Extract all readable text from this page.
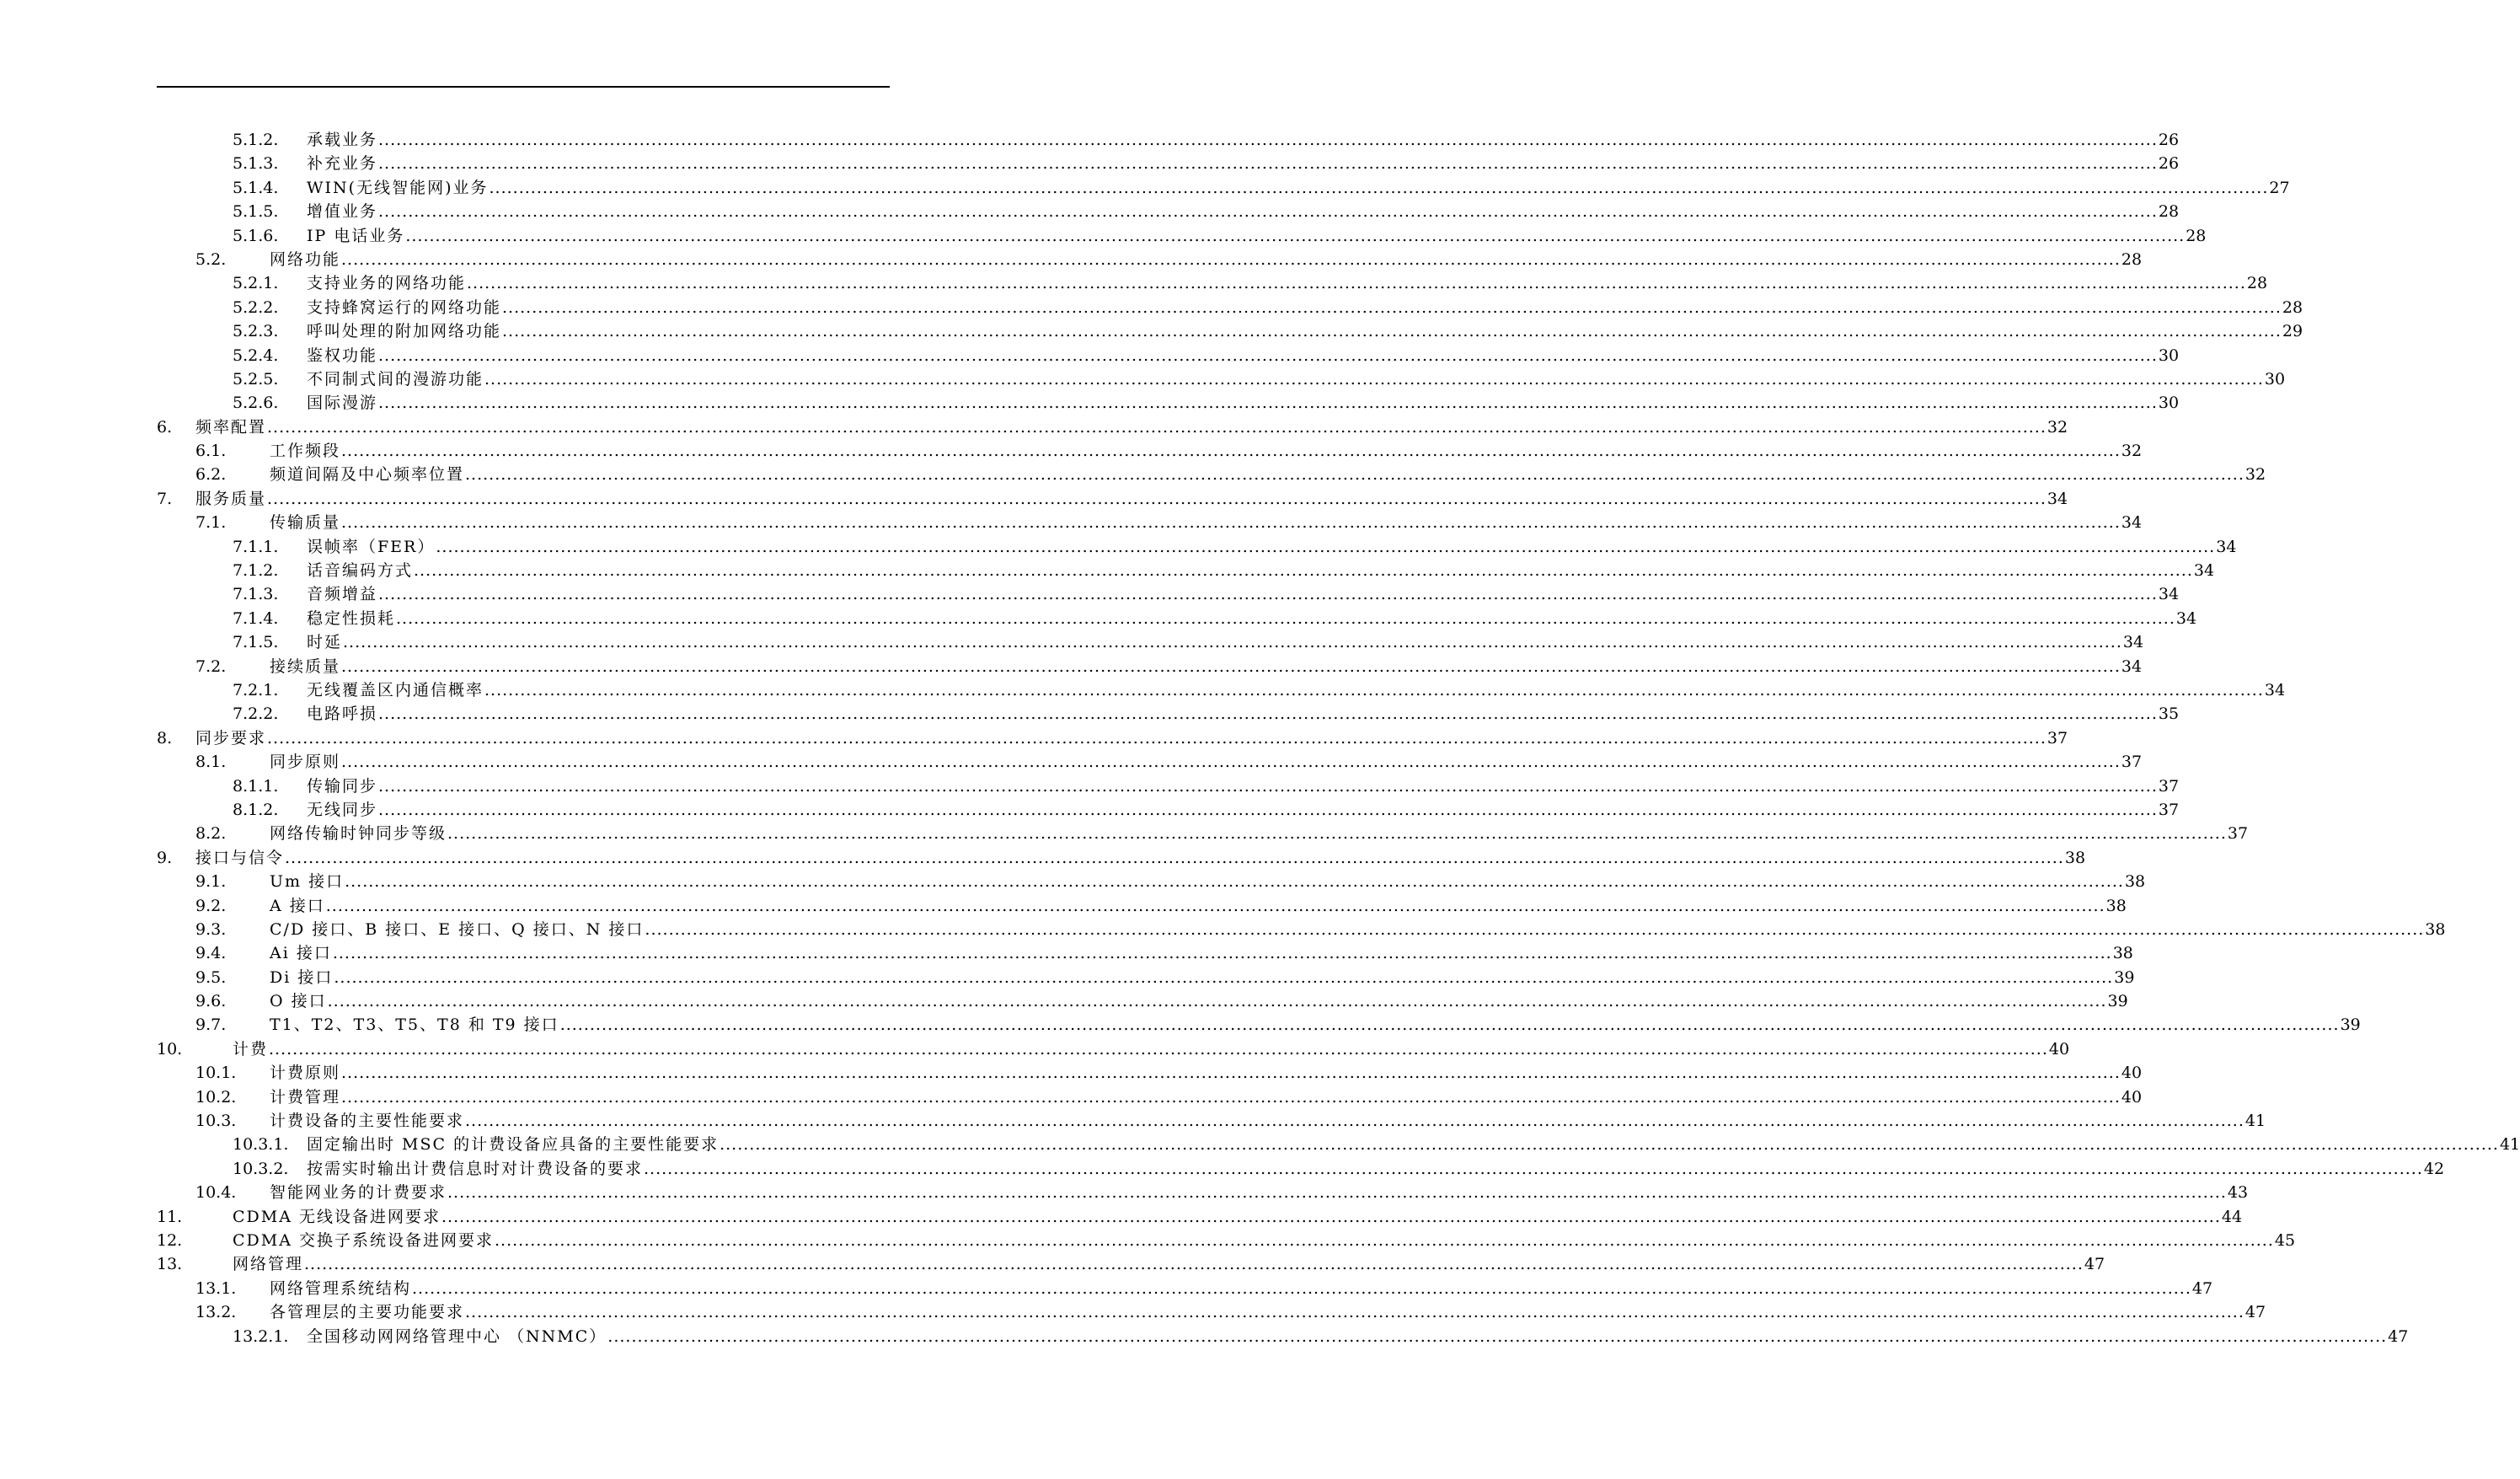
5.1.2. 承载业务 ............................................................................................................................................................................................................................................................................................................ 26
5.1.3. 补充业务 ............................................................................................................................................................................................................................................................................................................ 26
5.1.4. WIN(无线智能网)业务 ............................................................................................................................................................................................................................................................................................................ 27
5.1.5. 增值业务 ............................................................................................................................................................................................................................................................................................................ 28
5.1.6. IP 电话业务 ............................................................................................................................................................................................................................................................................................................ 28
5.2.	网络功能 ............................................................................................................................................................................................................................................................................................................ 28
5.2.1. 支持业务的网络功能 ............................................................................................................................................................................................................................................................................................................ 28
5.2.2. 支持蜂窝运行的网络功能 ............................................................................................................................................................................................................................................................................................................ 28
5.2.3. 呼叫处理的附加网络功能 ............................................................................................................................................................................................................................................................................................................ 29
5.2.4. 鉴权功能 ............................................................................................................................................................................................................................................................................................................ 30
5.2.5. 不同制式间的漫游功能 ............................................................................................................................................................................................................................................................................................................ 30
5.2.6. 国际漫游 ............................................................................................................................................................................................................................................................................................................ 30
6. 频率配置 ............................................................................................................................................................................................................................................................................................................ 32
6.1.	工作频段 ............................................................................................................................................................................................................................................................................................................ 32
6.2.	频道间隔及中心频率位置 ............................................................................................................................................................................................................................................................................................................ 32
7. 服务质量 ............................................................................................................................................................................................................................................................................................................ 34
7.1.	传输质量 ............................................................................................................................................................................................................................................................................................................ 34
7.1.1. 误帧率（FER） ............................................................................................................................................................................................................................................................................................................ 34
7.1.2. 话音编码方式 ............................................................................................................................................................................................................................................................................................................ 34
7.1.3. 音频增益 ............................................................................................................................................................................................................................................................................................................ 34
7.1.4. 稳定性损耗 ............................................................................................................................................................................................................................................................................................................ 34
7.1.5. 时延 ............................................................................................................................................................................................................................................................................................................ 34
7.2.	接续质量 ............................................................................................................................................................................................................................................................................................................ 34
7.2.1. 无线覆盖区内通信概率 ............................................................................................................................................................................................................................................................................................................ 34
7.2.2. 电路呼损 ............................................................................................................................................................................................................................................................................................................ 35
8. 同步要求 ............................................................................................................................................................................................................................................................................................................ 37
8.1.	同步原则 ............................................................................................................................................................................................................................................................................................................ 37
8.1.1. 传输同步 ............................................................................................................................................................................................................................................................................................................ 37
8.1.2. 无线同步 ............................................................................................................................................................................................................................................................................................................ 37
8.2.	网络传输时钟同步等级 ............................................................................................................................................................................................................................................................................................................ 37
9. 接口与信令 ............................................................................................................................................................................................................................................................................................................ 38
9.1.	Um 接口 ............................................................................................................................................................................................................................................................................................................ 38
9.2.	A 接口 ............................................................................................................................................................................................................................................................................................................ 38
9.3.	C/D 接口、B 接口、E 接口、Q 接口、N 接口 ............................................................................................................................................................................................................................................................................................................ 38
9.4.	Ai 接口 ............................................................................................................................................................................................................................................................................................................ 38
9.5.	Di 接口 ............................................................................................................................................................................................................................................................................................................ 39
9.6.	O 接口 ............................................................................................................................................................................................................................................................................................................ 39
9.7.	T1、T2、T3、T5、T8 和 T9 接口 ............................................................................................................................................................................................................................................................................................................ 39
10.	计费 ............................................................................................................................................................................................................................................................................................................ 40
10.1. 计费原则 ............................................................................................................................................................................................................................................................................................................ 40
10.2. 计费管理 ............................................................................................................................................................................................................................................................................................................ 40
10.3. 计费设备的主要性能要求 ............................................................................................................................................................................................................................................................................................................ 41
10.3.1. 固定输出时 MSC 的计费设备应具备的主要性能要求 ............................................................................................................................................................................................................................................................................................................ 41
10.3.2. 按需实时输出计费信息时对计费设备的要求 ............................................................................................................................................................................................................................................................................................................ 42
10.4. 智能网业务的计费要求 ............................................................................................................................................................................................................................................................................................................ 43
11.	CDMA 无线设备进网要求 ............................................................................................................................................................................................................................................................................................................ 44
12.	CDMA 交换子系统设备进网要求 ............................................................................................................................................................................................................................................................................................................ 45
13.	网络管理 ............................................................................................................................................................................................................................................................................................................ 47
13.1. 网络管理系统结构 ............................................................................................................................................................................................................................................................................................................ 47
13.2. 各管理层的主要功能要求 ............................................................................................................................................................................................................................................................................................................ 47
13.2.1. 全国移动网网络管理中心 （NNMC） ............................................................................................................................................................................................................................................................................................................ 47
